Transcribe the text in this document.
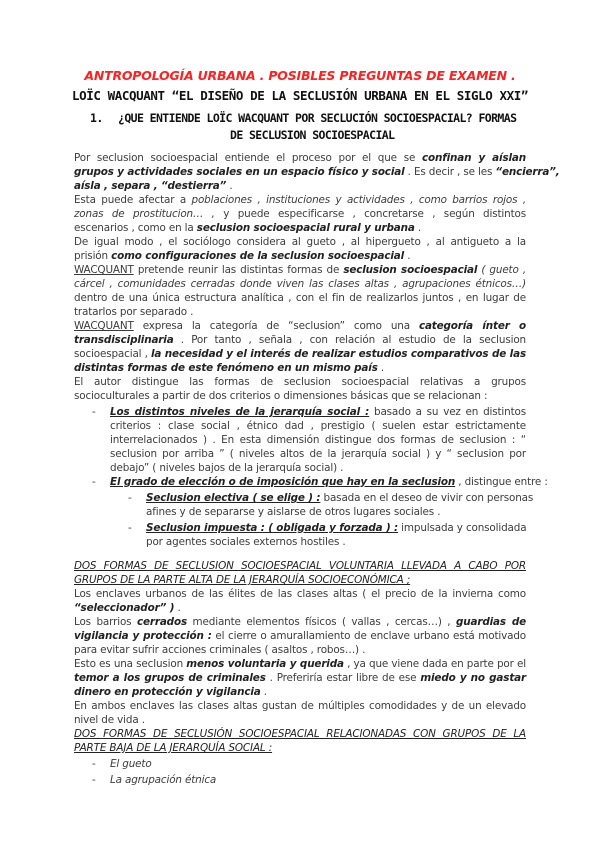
ANTROPOLOGÍA URBANA . POSIBLES PREGUNTAS DE EXAMEN .
LOÏC WACQUANT “EL DISEÑO DE LA SECLUSIÓN URBANA EN EL SIGLO XXI”
1. ¿QUE ENTIENDE LOÏC WACQUANT POR SECLUCIÓN SOCIOESPACIAL? FORMAS
DE SECLUSION SOCIOESPACIAL
Por seclusion socioespacial entiende el proceso por el que se confinan y aíslan
grupos y actividades sociales en un espacio físico y social . Es decir , se les “encierra”,
aísla , separa , “destierra” .
Esta puede afectar a poblaciones , instituciones y actividades , como barrios rojos ,
zonas de prostitucion… , y puede especificarse , concretarse , según distintos
escenarios , como en la seclusion socioespacial rural y urbana .
De igual modo , el sociólogo considera al gueto , al hipergueto , al antigueto a la
prisión como configuraciones de la seclusion socioespacial .
WACQUANT pretende reunir las distintas formas de seclusion socioespacial ( gueto ,
cárcel , comunidades cerradas donde viven las clases altas , agrupaciones étnicos…)
dentro de una única estructura analítica , con el fin de realizarlos juntos , en lugar de
tratarlos por separado .
WACQUANT expresa la categoría de “seclusion” como una categoría ínter o
transdisciplinaria . Por tanto , señala , con relación al estudio de la seclusion
socioespacial , la necesidad y el interés de realizar estudios comparativos de las
distintas formas de este fenómeno en un mismo país .
El autor distingue las formas de seclusion socioespacial relativas a grupos
socioculturales a partir de dos criterios o dimensiones básicas que se relacionan :
- Los distintos niveles de la jerarquía social : basado a su vez en distintos
criterios : clase social , étnico dad , prestigio ( suelen estar estrictamente
interrelacionados ) . En esta dimensión distingue dos formas de seclusion : “
seclusion por arriba ” ( niveles altos de la jerarquía social ) y “ seclusion por
debajo” ( niveles bajos de la jerarquía social) .
- El grado de elección o de imposición que hay en la seclusion , distingue entre :
- Seclusion electiva ( se elige ) : basada en el deseo de vivir con personas
afines y de separarse y aislarse de otros lugares sociales .
- Seclusion impuesta : ( obligada y forzada ) : impulsada y consolidada
por agentes sociales externos hostiles .
DOS FORMAS DE SECLUSION SOCIOESPACIAL VOLUNTARIA LLEVADA A CABO POR
GRUPOS DE LA PARTE ALTA DE LA JERARQUÍA SOCIOECONÓMICA ;
Los enclaves urbanos de las élites de las clases altas ( el precio de la invierna como
“seleccionador” ) .
Los barrios cerrados mediante elementos físicos ( vallas , cercas…) , guardias de
vigilancia y protección : el cierre o amurallamiento de enclave urbano está motivado
para evitar sufrir acciones criminales ( asaltos , robos…) .
Esto es una seclusion menos voluntaria y querida , ya que viene dada en parte por el
temor a los grupos de criminales . Preferiría estar libre de ese miedo y no gastar
dinero en protección y vigilancia .
En ambos enclaves las clases altas gustan de múltiples comodidades y de un elevado
nivel de vida .
DOS FORMAS DE SECLUSIÓN SOCIOESPACIAL RELACIONADAS CON GRUPOS DE LA
PARTE BAJA DE LA JERARQUÍA SOCIAL :
- El gueto
- La agrupación étnica
